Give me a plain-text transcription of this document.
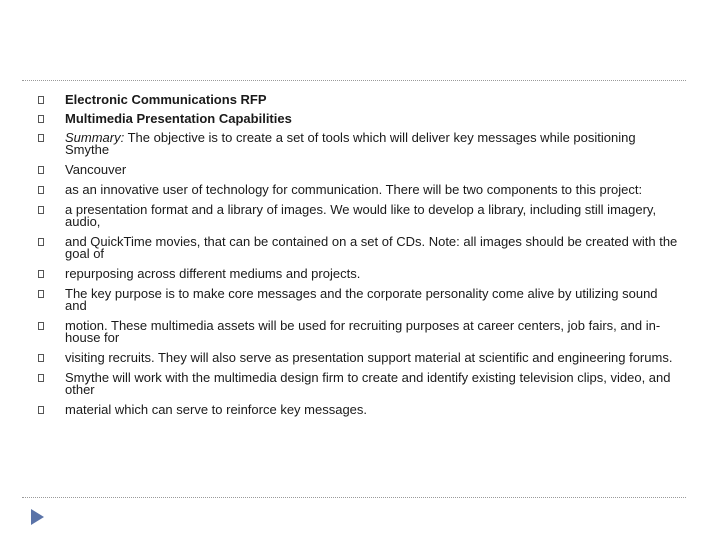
Electronic Communications RFP
Multimedia Presentation Capabilities
Summary: The objective is to create a set of tools which will deliver key messages while positioning Smythe
Vancouver
as an innovative user of technology for communication. There will be two components to this project:
a presentation format and a library of images. We would like to develop a library, including still imagery, audio,
and QuickTime movies, that can be contained on a set of CDs. Note: all images should be created with the goal of
repurposing across different mediums and projects.
The key purpose is to make core messages and the corporate personality come alive by utilizing sound and
motion. These multimedia assets will be used for recruiting purposes at career centers, job fairs, and in-house for
visiting recruits. They will also serve as presentation support material at scientific and engineering forums.
Smythe will work with the multimedia design firm to create and identify existing television clips, video, and other
material which can serve to reinforce key messages.
